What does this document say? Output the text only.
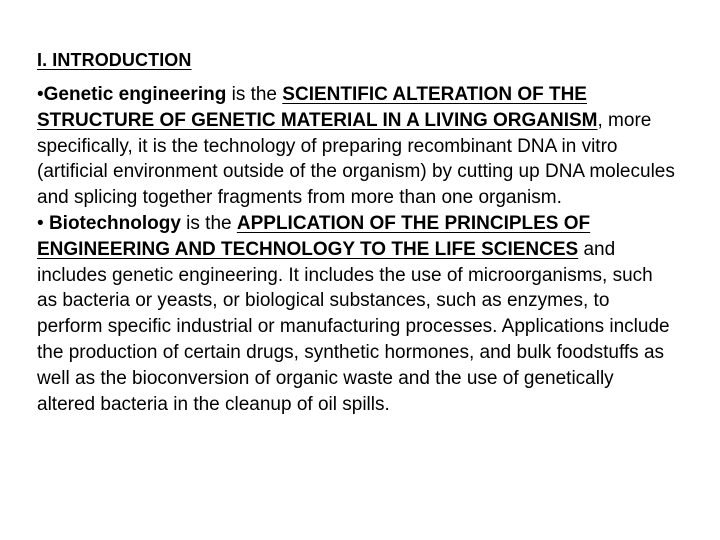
I. INTRODUCTION

•Genetic engineering is the SCIENTIFIC ALTERATION OF THE STRUCTURE OF GENETIC MATERIAL IN A LIVING ORGANISM, more specifically, it is the technology of preparing recombinant DNA in vitro (artificial environment outside of the organism) by cutting up DNA molecules and splicing together fragments from more than one organism.

• Biotechnology is the APPLICATION OF THE PRINCIPLES OF ENGINEERING AND TECHNOLOGY TO THE LIFE SCIENCES and includes genetic engineering. It includes the use of microorganisms, such as bacteria or yeasts, or biological substances, such as enzymes, to perform specific industrial or manufacturing processes. Applications include the production of certain drugs, synthetic hormones, and bulk foodstuffs as well as the bioconversion of organic waste and the use of genetically altered bacteria in the cleanup of oil spills.
